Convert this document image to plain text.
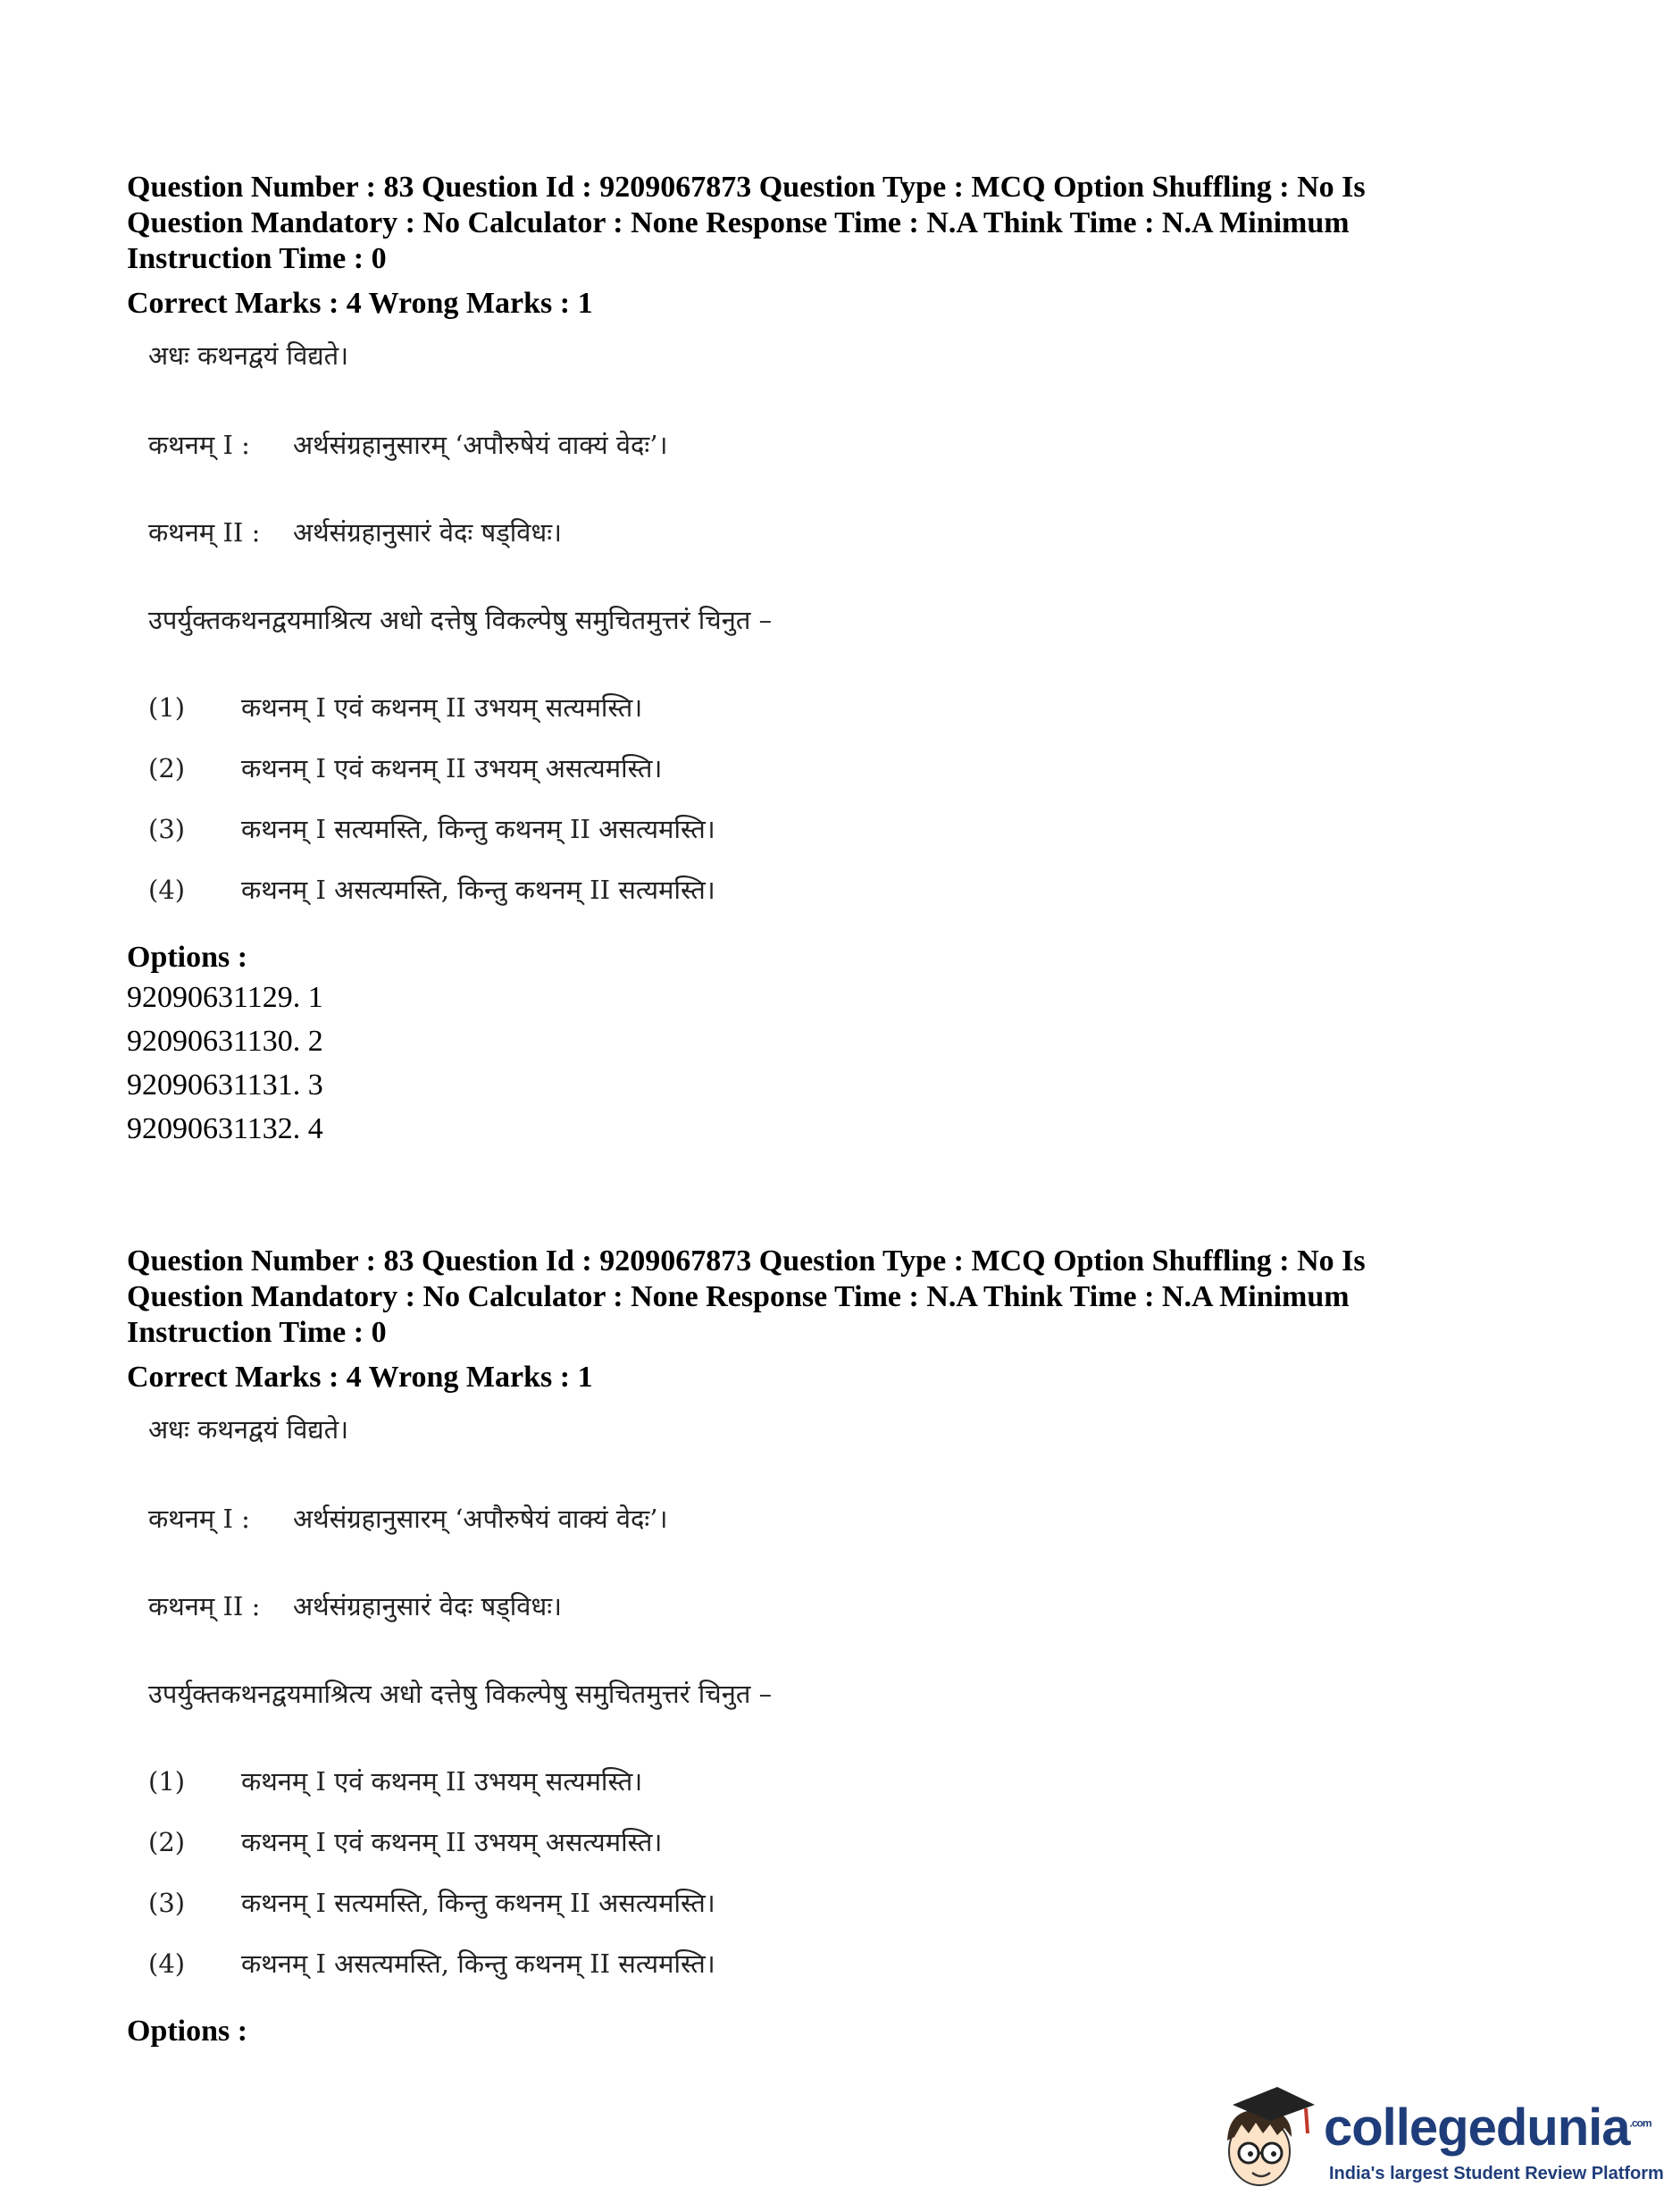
Question Number : 83 Question Id : 9209067873 Question Type : MCQ Option Shuffling : No Is

Question Mandatory : No Calculator : None Response Time : N.A Think Time : N.A Minimum

Instruction Time : 0

Correct Marks : 4 Wrong Marks : 1
अधः कथनद्वयं विद्यते।
कथनम् I :	अर्थसंग्रहानुसारम् ‘अपौरुषेयं वाक्यं वेदः’।
कथनम् II :	अर्थसंग्रहानुसारं वेदः षड्विधः।
उपर्युक्तकथनद्वयमाश्रित्य अधो दत्तेषु विकल्पेषु समुचितमुत्तरं चिनुत –
(1)	कथनम् I एवं कथनम् II उभयम् सत्यमस्ति।
(2)	कथनम् I एवं कथनम् II उभयम् असत्यमस्ति।
(3)	कथनम् I सत्यमस्ति, किन्तु कथनम् II असत्यमस्ति।
(4)	कथनम् I असत्यमस्ति, किन्तु कथनम् II सत्यमस्ति।
Options :
92090631129. 1
92090631130. 2
92090631131. 3
92090631132. 4

Question Number : 83 Question Id : 9209067873 Question Type : MCQ Option Shuffling : No Is

Question Mandatory : No Calculator : None Response Time : N.A Think Time : N.A Minimum

Instruction Time : 0

Correct Marks : 4 Wrong Marks : 1
अधः कथनद्वयं विद्यते।
कथनम् I :	अर्थसंग्रहानुसारम् ‘अपौरुषेयं वाक्यं वेदः’।
कथनम् II :	अर्थसंग्रहानुसारं वेदः षड्विधः।
उपर्युक्तकथनद्वयमाश्रित्य अधो दत्तेषु विकल्पेषु समुचितमुत्तरं चिनुत –
(1)	कथनम् I एवं कथनम् II उभयम् सत्यमस्ति।
(2)	कथनम् I एवं कथनम् II उभयम् असत्यमस्ति।
(3)	कथनम् I सत्यमस्ति, किन्तु कथनम् II असत्यमस्ति।
(4)	कथनम् I असत्यमस्ति, किन्तु कथनम् II सत्यमस्ति।
Options :
collegedunia$^{.com}$
India's largest Student Review Platform
